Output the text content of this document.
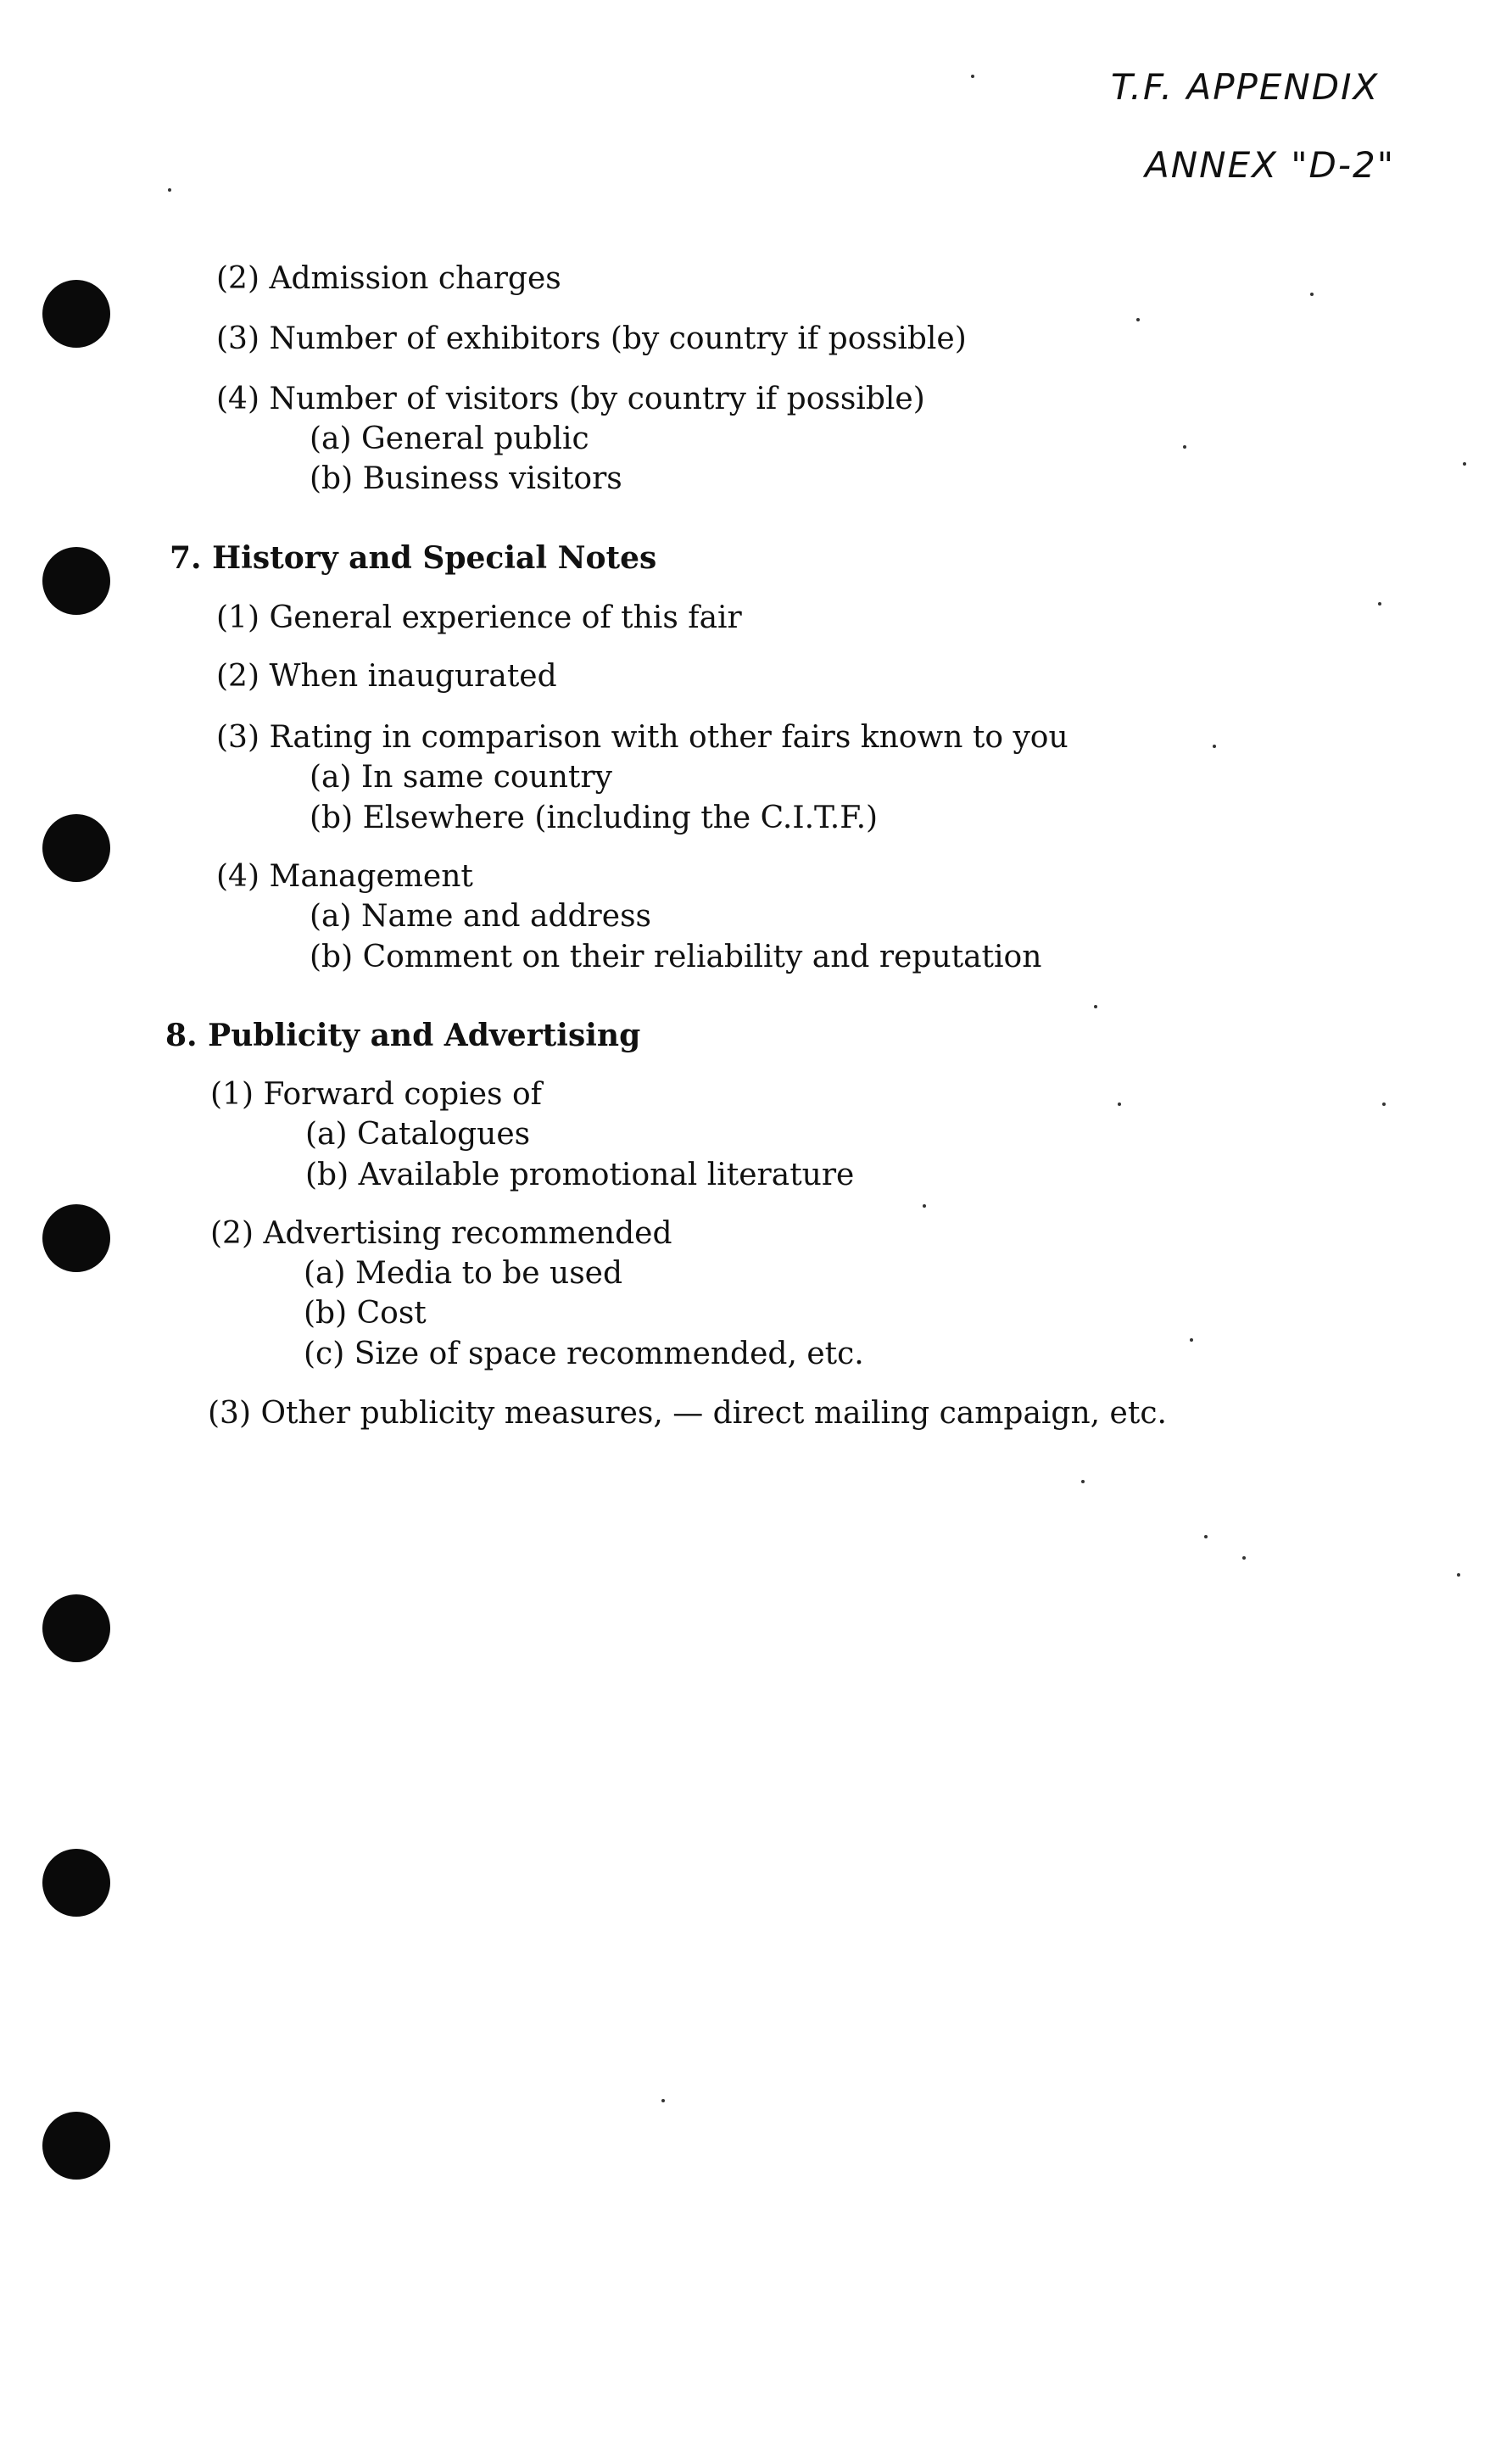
T.F. APPENDIX
ANNEX "D-2"
(2) Admission charges
(3) Number of exhibitors (by country if possible)
(4) Number of visitors (by country if possible)
(a) General public
(b) Business visitors
7. History and Special Notes
(1) General experience of this fair
(2) When inaugurated
(3) Rating in comparison with other fairs known to you
(a) In same country
(b) Elsewhere (including the C.I.T.F.)
(4) Management
(a) Name and address
(b) Comment on their reliability and reputation
8. Publicity and Advertising
(1) Forward copies of
(a) Catalogues
(b) Available promotional literature
(2) Advertising recommended
(a) Media to be used
(b) Cost
(c) Size of space recommended, etc.
(3) Other publicity measures, — direct mailing campaign, etc.
